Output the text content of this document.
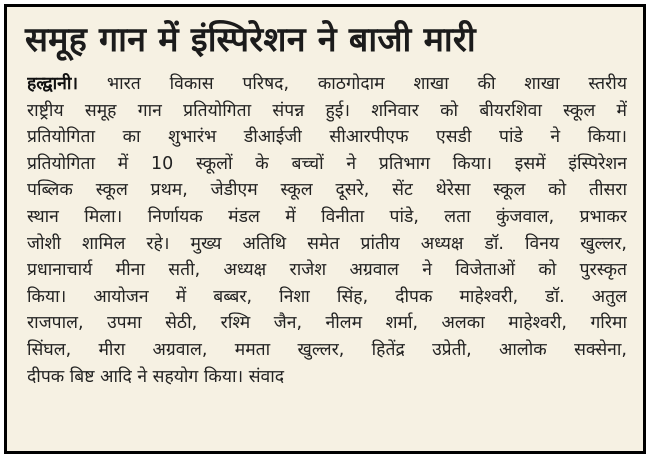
समूह गान में इंस्पिरेशन ने बाजी मारी
हल्द्वानी। भारत विकास परिषद, काठगोदाम शाखा की शाखा स्तरीय
राष्ट्रीय समूह गान प्रतियोगिता संपन्न हुई। शनिवार को बीयरशिवा स्कूल में
प्रतियोगिता का शुभारंभ डीआईजी सीआरपीएफ एसडी पांडे ने किया।
प्रतियोगिता में 10 स्कूलों के बच्चों ने प्रतिभाग किया। इसमें इंस्पिरेशन
पब्लिक स्कूल प्रथम, जेडीएम स्कूल दूसरे, सेंट थेरेसा स्कूल को तीसरा
स्थान मिला। निर्णायक मंडल में विनीता पांडे, लता कुंजवाल, प्रभाकर
जोशी शामिल रहे। मुख्य अतिथि समेत प्रांतीय अध्यक्ष डॉ. विनय खुल्लर,
प्रधानाचार्य मीना सती, अध्यक्ष राजेश अग्रवाल ने विजेताओं को पुरस्कृत
किया। आयोजन में बब्बर, निशा सिंह, दीपक माहेश्वरी, डॉ. अतुल
राजपाल, उपमा सेठी, रश्मि जैन, नीलम शर्मा, अलका माहेश्वरी, गरिमा
सिंघल, मीरा अग्रवाल, ममता खुल्लर, हितेंद्र उप्रेती, आलोक सक्सेना,
दीपक बिष्ट आदि ने सहयोग किया। संवाद
